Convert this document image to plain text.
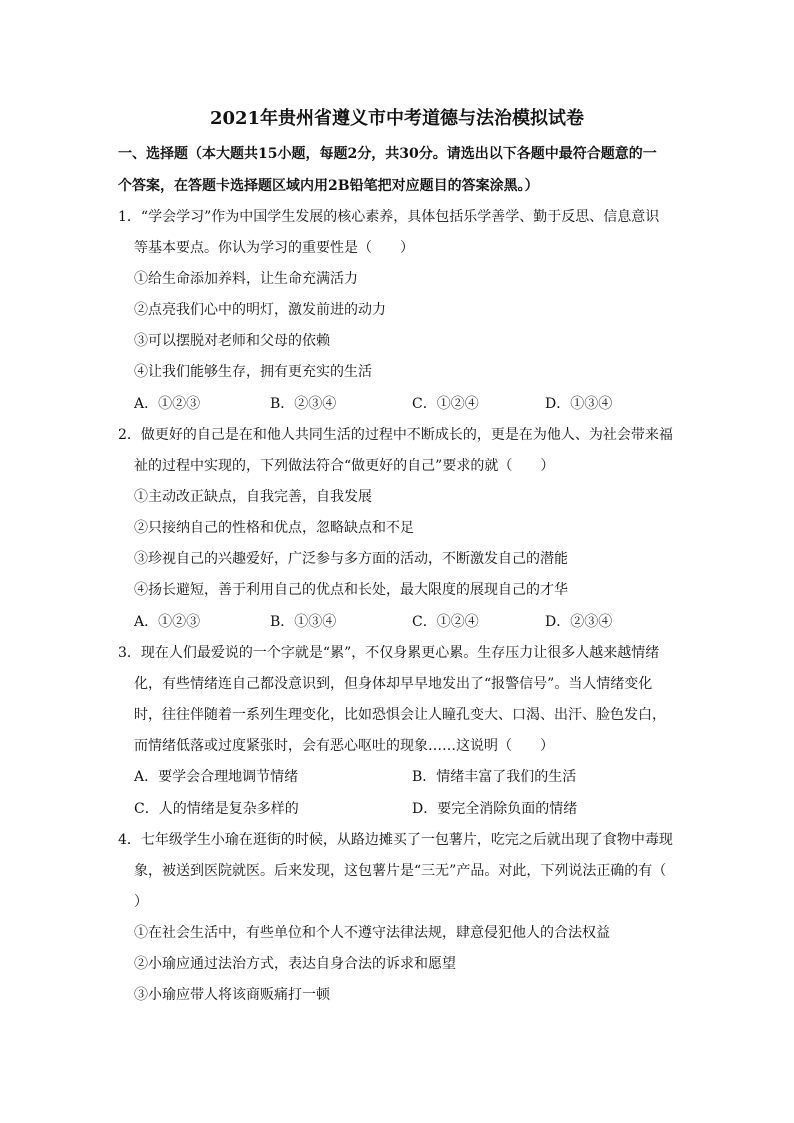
2021年贵州省遵义市中考道德与法治模拟试卷
一、选择题（本大题共15小题，每题2分，共30分。请选出以下各题中最符合题意的一
个答案，在答题卡选择题区域内用2B铅笔把对应题目的答案涂黑。）
1．“学会学习”作为中国学生发展的核心素养，具体包括乐学善学、勤于反思、信息意识
等基本要点。你认为学习的重要性是（　　）
①给生命添加养料，让生命充满活力
②点亮我们心中的明灯，激发前进的动力
③可以摆脱对老师和父母的依赖
④让我们能够生存，拥有更充实的生活
A．①②③	B．②③④	C．①②④	D．①③④
2．做更好的自己是在和他人共同生活的过程中不断成长的，更是在为他人、为社会带来福
祉的过程中实现的，下列做法符合“做更好的自己”要求的就（　　）
①主动改正缺点，自我完善，自我发展
②只接纳自己的性格和优点，忽略缺点和不足
③珍视自己的兴趣爱好，广泛参与多方面的活动，不断激发自己的潜能
④扬长避短，善于利用自己的优点和长处，最大限度的展现自己的才华
A．①②③	B．①③④	C．①②④	D．②③④
3．现在人们最爱说的一个字就是“累”，不仅身累更心累。生存压力让很多人越来越情绪
化，有些情绪连自己都没意识到，但身体却早早地发出了“报警信号”。当人情绪变化
时，往往伴随着一系列生理变化，比如恐惧会让人瞳孔变大、口渴、出汗、脸色发白，
而情绪低落或过度紧张时，会有恶心呕吐的现象……这说明（　　）
A．要学会合理地调节情绪	B．情绪丰富了我们的生活
C．人的情绪是复杂多样的	D．要完全消除负面的情绪
4．七年级学生小瑜在逛街的时候，从路边摊买了一包薯片，吃完之后就出现了食物中毒现
象，被送到医院就医。后来发现，这包薯片是“三无”产品。对此，下列说法正确的有（
）
①在社会生活中，有些单位和个人不遵守法律法规，肆意侵犯他人的合法权益
②小瑜应通过法治方式，表达自身合法的诉求和愿望
③小瑜应带人将该商贩痛打一顿
